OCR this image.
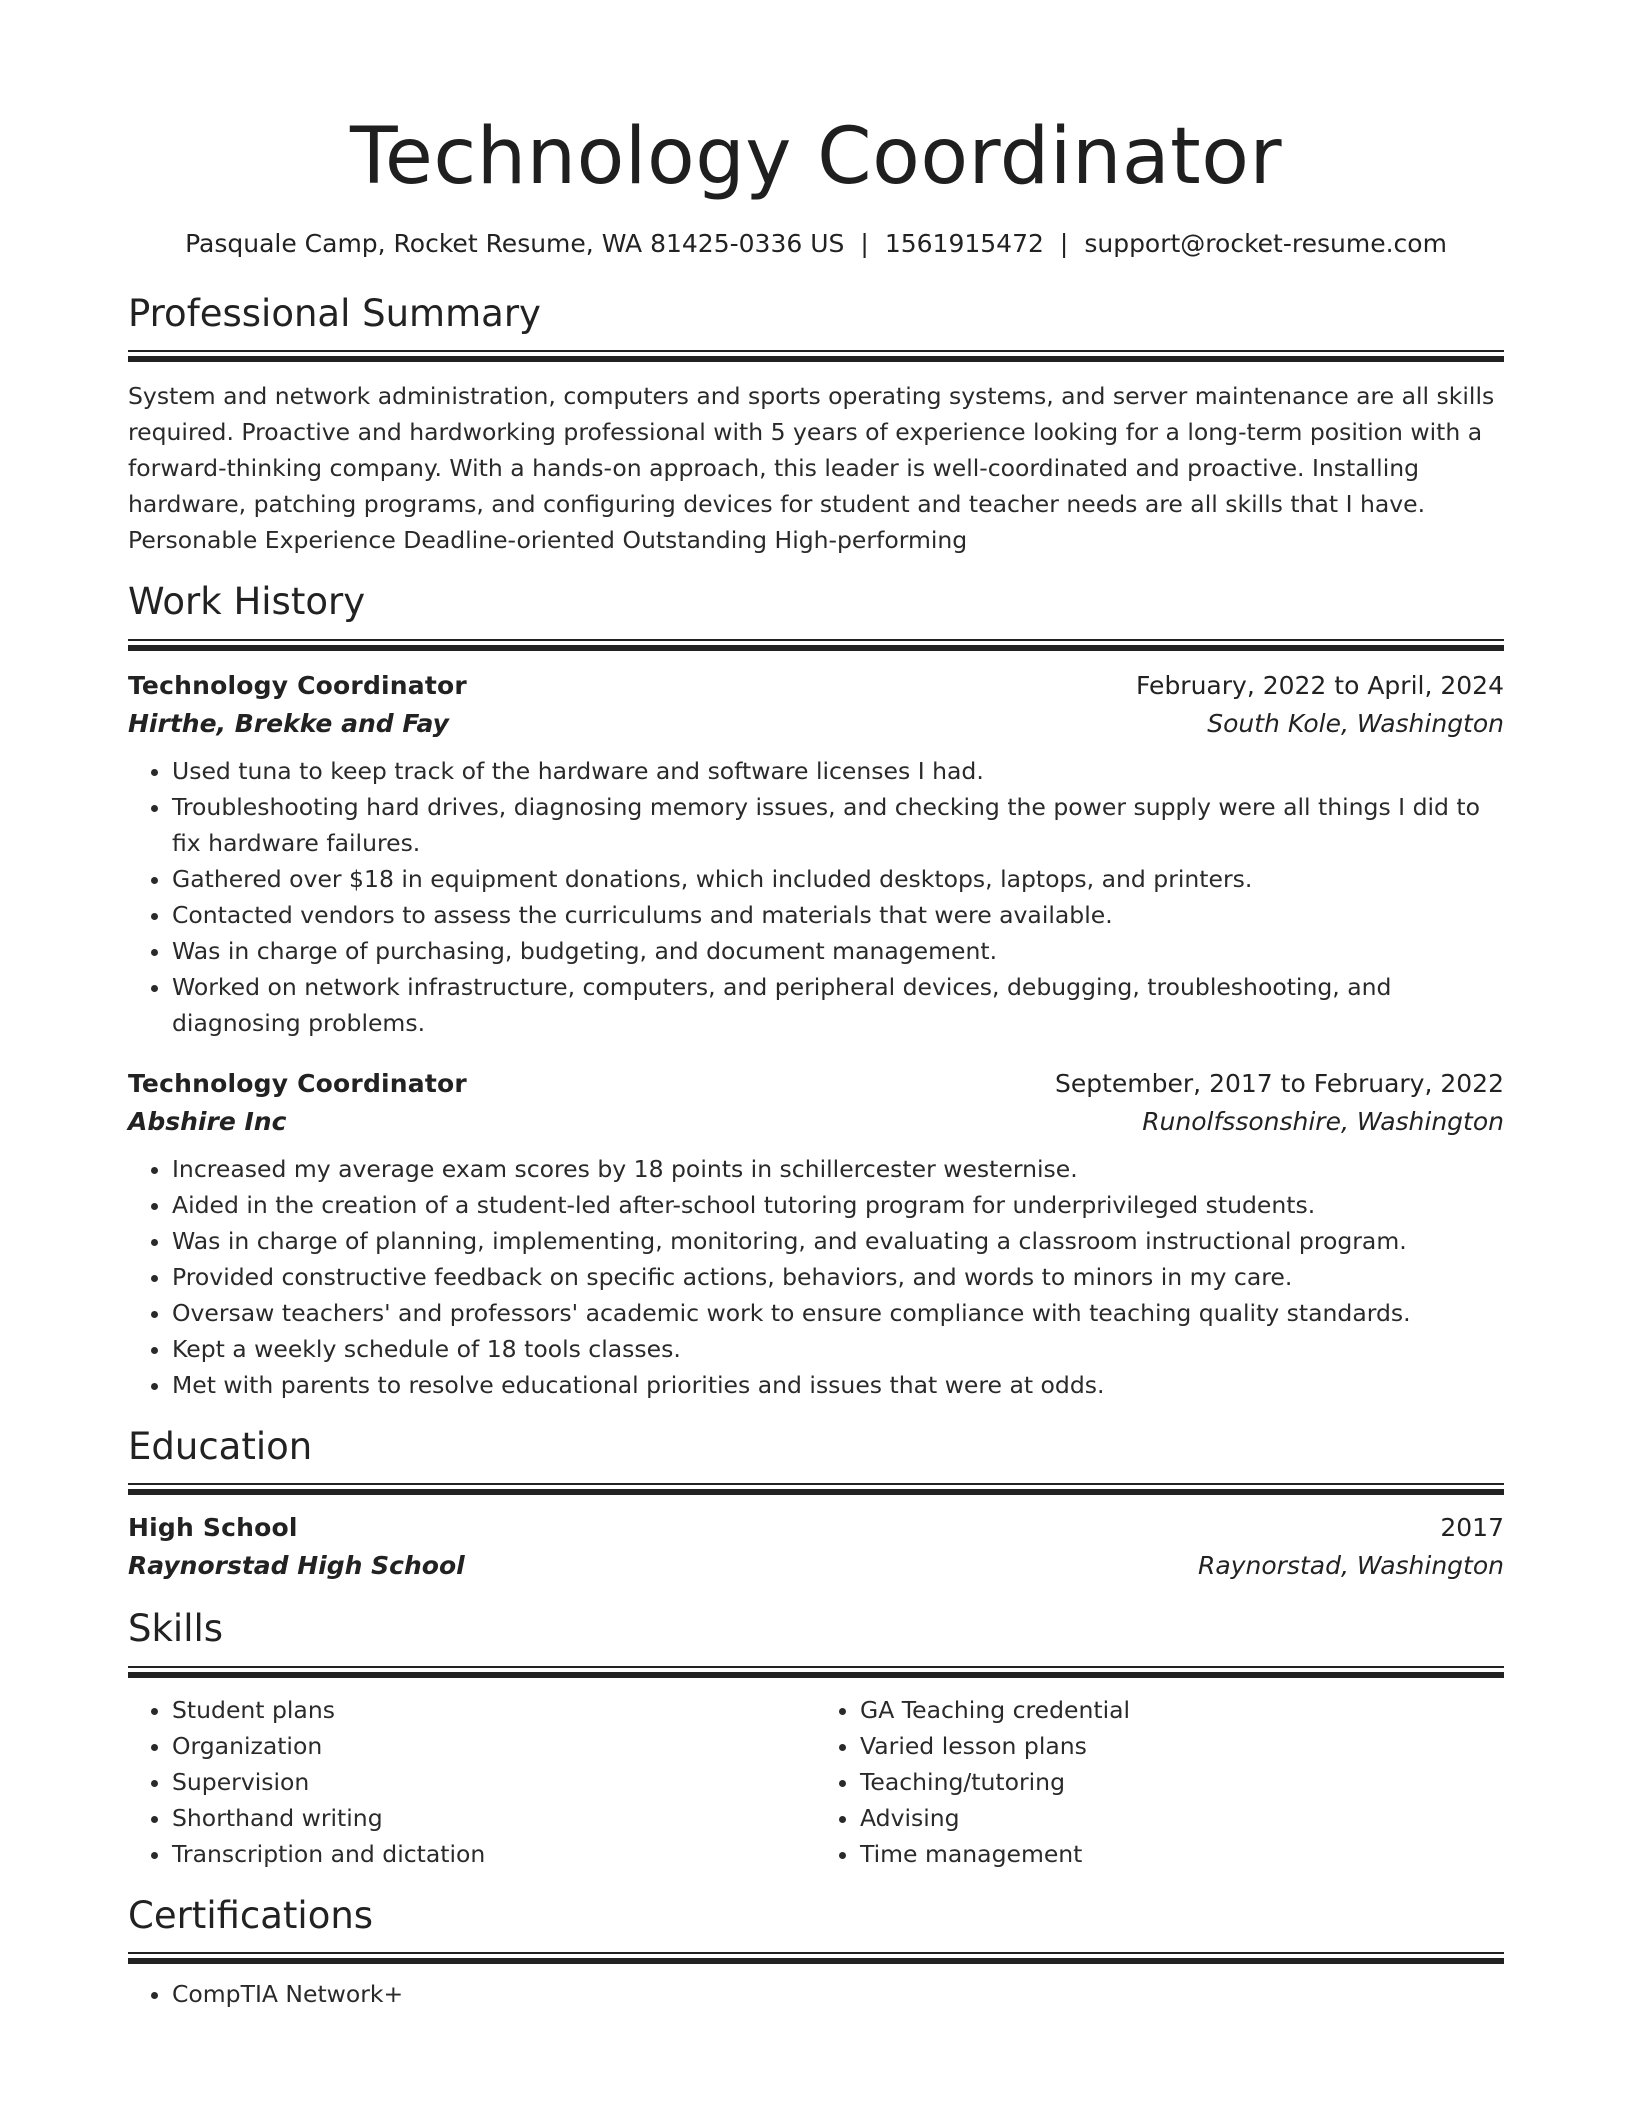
Technology Coordinator
Pasquale Camp, Rocket Resume, WA 81425-0336 US | 1561915472 | support@rocket-resume.com
Professional Summary
System and network administration, computers and sports operating systems, and server maintenance are all skills required. Proactive and hardworking professional with 5 years of experience looking for a long-term position with a forward-thinking company. With a hands-on approach, this leader is well-coordinated and proactive. Installing hardware, patching programs, and configuring devices for student and teacher needs are all skills that I have. Personable Experience Deadline-oriented Outstanding High-performing
Work History
Technology Coordinator	February, 2022 to April, 2024
Hirthe, Brekke and Fay	South Kole, Washington
• Used tuna to keep track of the hardware and software licenses I had.
• Troubleshooting hard drives, diagnosing memory issues, and checking the power supply were all things I did to fix hardware failures.
• Gathered over $18 in equipment donations, which included desktops, laptops, and printers.
• Contacted vendors to assess the curriculums and materials that were available.
• Was in charge of purchasing, budgeting, and document management.
• Worked on network infrastructure, computers, and peripheral devices, debugging, troubleshooting, and diagnosing problems.
Technology Coordinator	September, 2017 to February, 2022
Abshire Inc	Runolfssonshire, Washington
• Increased my average exam scores by 18 points in schillercester westernise.
• Aided in the creation of a student-led after-school tutoring program for underprivileged students.
• Was in charge of planning, implementing, monitoring, and evaluating a classroom instructional program.
• Provided constructive feedback on specific actions, behaviors, and words to minors in my care.
• Oversaw teachers' and professors' academic work to ensure compliance with teaching quality standards.
• Kept a weekly schedule of 18 tools classes.
• Met with parents to resolve educational priorities and issues that were at odds.
Education
High School	2017
Raynorstad High School	Raynorstad, Washington
Skills
• Student plans
• Organization
• Supervision
• Shorthand writing
• Transcription and dictation
• GA Teaching credential
• Varied lesson plans
• Teaching/tutoring
• Advising
• Time management
Certifications
• CompTIA Network+
